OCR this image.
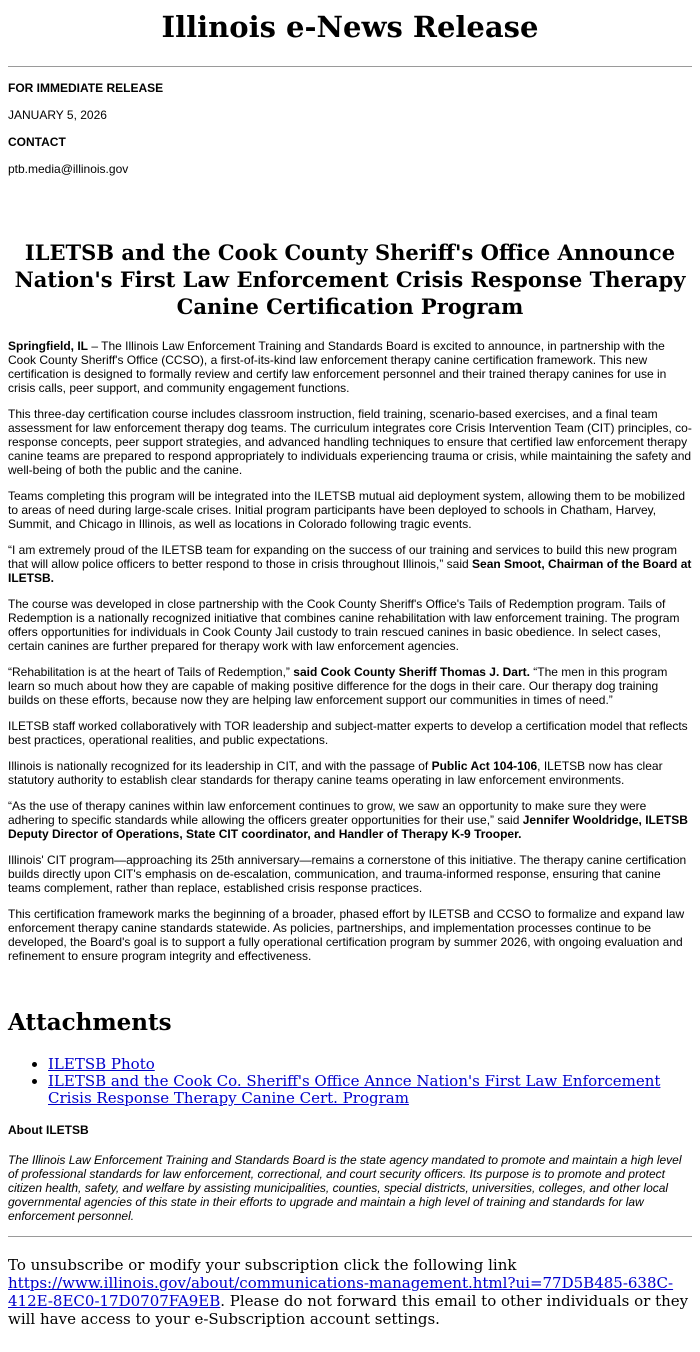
Illinois e-News Release
FOR IMMEDIATE RELEASE
JANUARY 5, 2026
CONTACT
ptb.media@illinois.gov
ILETSB and the Cook County Sheriff's Office Announce Nation's First Law Enforcement Crisis Response Therapy Canine Certification Program

Springfield, IL – The Illinois Law Enforcement Training and Standards Board is excited to announce, in partnership with the Cook County Sheriff's Office (CCSO), a first-of-its-kind law enforcement therapy canine certification framework. This new certification is designed to formally review and certify law enforcement personnel and their trained therapy canines for use in crisis calls, peer support, and community engagement functions.

This three-day certification course includes classroom instruction, field training, scenario-based exercises, and a final team assessment for law enforcement therapy dog teams. The curriculum integrates core Crisis Intervention Team (CIT) principles, co-response concepts, peer support strategies, and advanced handling techniques to ensure that certified law enforcement therapy canine teams are prepared to respond appropriately to individuals experiencing trauma or crisis, while maintaining the safety and well-being of both the public and the canine.

Teams completing this program will be integrated into the ILETSB mutual aid deployment system, allowing them to be mobilized to areas of need during large-scale crises. Initial program participants have been deployed to schools in Chatham, Harvey, Summit, and Chicago in Illinois, as well as locations in Colorado following tragic events.

“I am extremely proud of the ILETSB team for expanding on the success of our training and services to build this new program that will allow police officers to better respond to those in crisis throughout Illinois,” said Sean Smoot, Chairman of the Board at ILETSB.

The course was developed in close partnership with the Cook County Sheriff's Office's Tails of Redemption program. Tails of Redemption is a nationally recognized initiative that combines canine rehabilitation with law enforcement training. The program offers opportunities for individuals in Cook County Jail custody to train rescued canines in basic obedience. In select cases, certain canines are further prepared for therapy work with law enforcement agencies.

“Rehabilitation is at the heart of Tails of Redemption,” said Cook County Sheriff Thomas J. Dart. “The men in this program learn so much about how they are capable of making positive difference for the dogs in their care. Our therapy dog training builds on these efforts, because now they are helping law enforcement support our communities in times of need.”

ILETSB staff worked collaboratively with TOR leadership and subject-matter experts to develop a certification model that reflects best practices, operational realities, and public expectations.

Illinois is nationally recognized for its leadership in CIT, and with the passage of Public Act 104-106, ILETSB now has clear statutory authority to establish clear standards for therapy canine teams operating in law enforcement environments.

“As the use of therapy canines within law enforcement continues to grow, we saw an opportunity to make sure they were adhering to specific standards while allowing the officers greater opportunities for their use,” said Jennifer Wooldridge, ILETSB Deputy Director of Operations, State CIT coordinator, and Handler of Therapy K-9 Trooper.

Illinois' CIT program—approaching its 25th anniversary—remains a cornerstone of this initiative. The therapy canine certification builds directly upon CIT's emphasis on de-escalation, communication, and trauma-informed response, ensuring that canine teams complement, rather than replace, established crisis response practices.

This certification framework marks the beginning of a broader, phased effort by ILETSB and CCSO to formalize and expand law enforcement therapy canine standards statewide. As policies, partnerships, and implementation processes continue to be developed, the Board's goal is to support a fully operational certification program by summer 2026, with ongoing evaluation and refinement to ensure program integrity and effectiveness.

Attachments
• ILETSB Photo
• ILETSB and the Cook Co. Sheriff's Office Annce Nation's First Law Enforcement Crisis Response Therapy Canine Cert. Program
About ILETSB
The Illinois Law Enforcement Training and Standards Board is the state agency mandated to promote and maintain a high level of professional standards for law enforcement, correctional, and court security officers. Its purpose is to promote and protect citizen health, safety, and welfare by assisting municipalities, counties, special districts, universities, colleges, and other local governmental agencies of this state in their efforts to upgrade and maintain a high level of training and standards for law enforcement personnel.
To unsubscribe or modify your subscription click the following link https://www.illinois.gov/about/communications-management.html?ui=77D5B485-638C-412E-8EC0-17D0707FA9EB. Please do not forward this email to other individuals or they will have access to your e-Subscription account settings.
